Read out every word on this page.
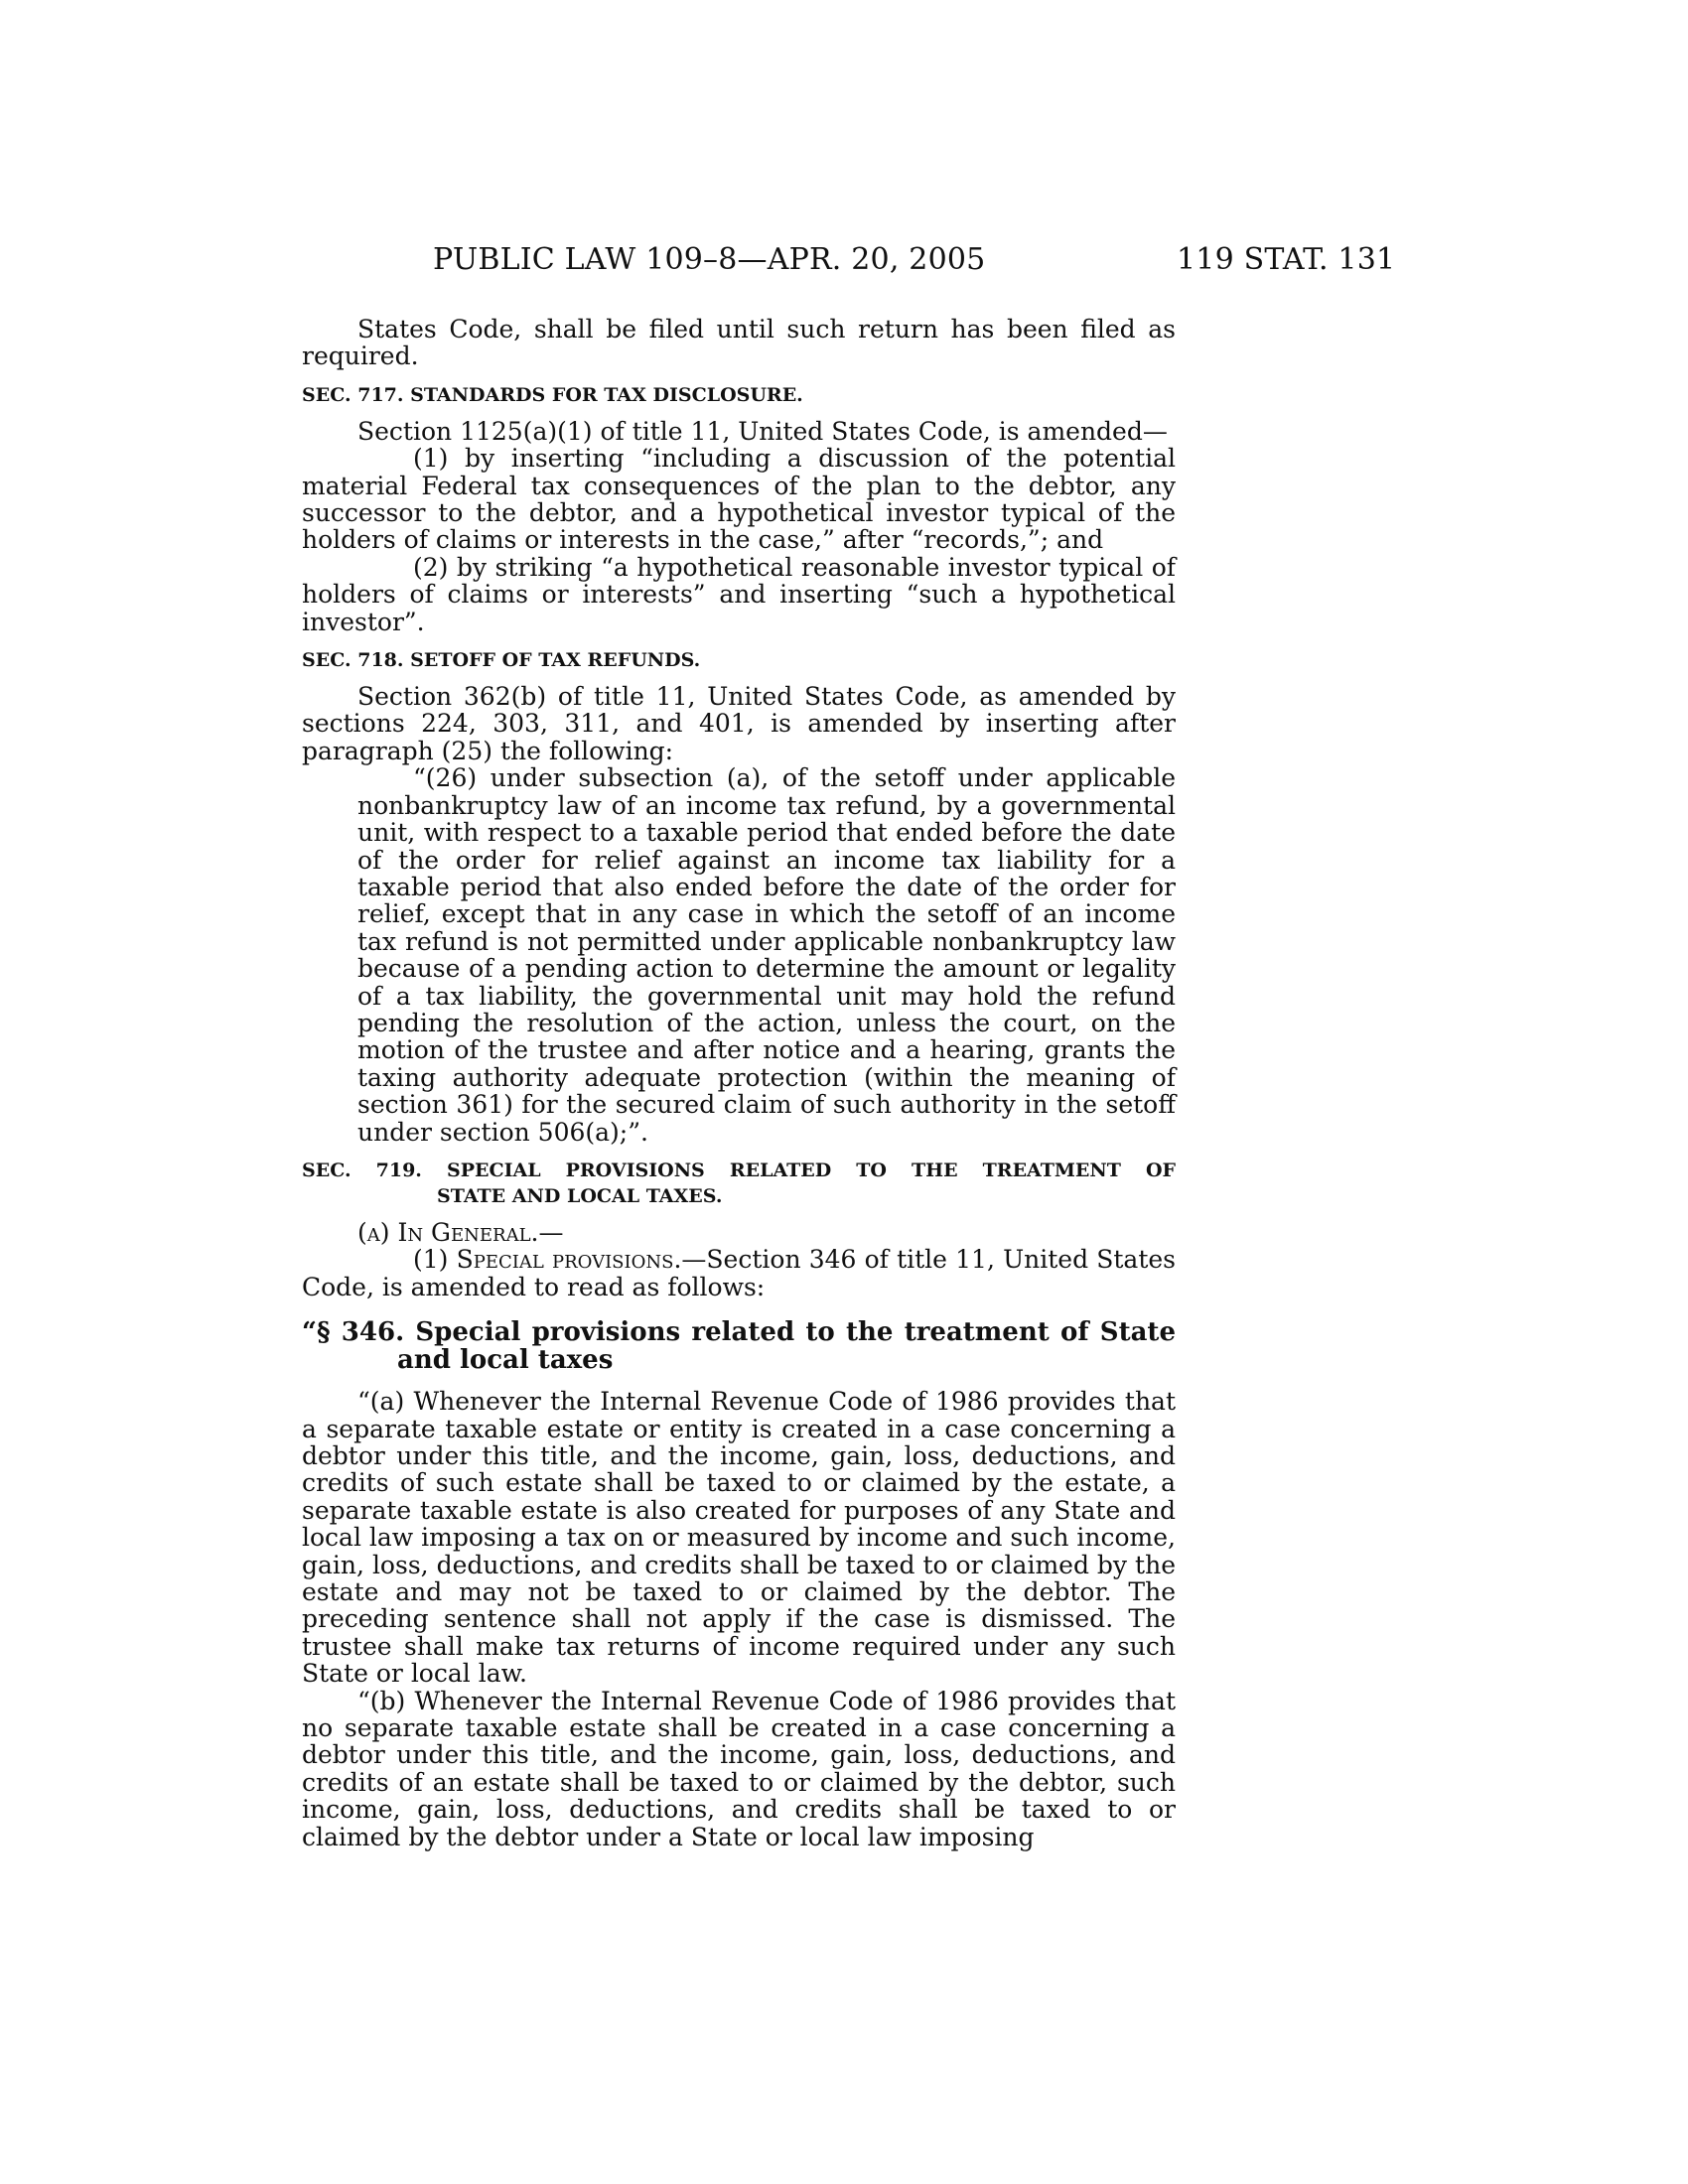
PUBLIC LAW 109–8—APR. 20, 2005	119 STAT. 131

States Code, shall be filed until such return has been filed as required.

SEC. 717. STANDARDS FOR TAX DISCLOSURE.

Section 1125(a)(1) of title 11, United States Code, is amended—

(1) by inserting “including a discussion of the potential material Federal tax consequences of the plan to the debtor, any successor to the debtor, and a hypothetical investor typical of the holders of claims or interests in the case,” after “records,”; and

(2) by striking “a hypothetical reasonable investor typical of holders of claims or interests” and inserting “such a hypothetical investor”.

SEC. 718. SETOFF OF TAX REFUNDS.

Section 362(b) of title 11, United States Code, as amended by sections 224, 303, 311, and 401, is amended by inserting after paragraph (25) the following:

“(26) under subsection (a), of the setoff under applicable nonbankruptcy law of an income tax refund, by a governmental unit, with respect to a taxable period that ended before the date of the order for relief against an income tax liability for a taxable period that also ended before the date of the order for relief, except that in any case in which the setoff of an income tax refund is not permitted under applicable nonbankruptcy law because of a pending action to determine the amount or legality of a tax liability, the governmental unit may hold the refund pending the resolution of the action, unless the court, on the motion of the trustee and after notice and a hearing, grants the taxing authority adequate protection (within the meaning of section 361) for the secured claim of such authority in the setoff under section 506(a);”.

SEC. 719. SPECIAL PROVISIONS RELATED TO THE TREATMENT OF
STATE AND LOCAL TAXES.

(a) In General.—

(1) Special provisions.—Section 346 of title 11, United States Code, is amended to read as follows:

“§ 346. Special provisions related to the treatment of State and local taxes

“(a) Whenever the Internal Revenue Code of 1986 provides that a separate taxable estate or entity is created in a case concerning a debtor under this title, and the income, gain, loss, deductions, and credits of such estate shall be taxed to or claimed by the estate, a separate taxable estate is also created for purposes of any State and local law imposing a tax on or measured by income and such income, gain, loss, deductions, and credits shall be taxed to or claimed by the estate and may not be taxed to or claimed by the debtor. The preceding sentence shall not apply if the case is dismissed. The trustee shall make tax returns of income required under any such State or local law.

“(b) Whenever the Internal Revenue Code of 1986 provides that no separate taxable estate shall be created in a case concerning a debtor under this title, and the income, gain, loss, deductions, and credits of an estate shall be taxed to or claimed by the debtor, such income, gain, loss, deductions, and credits shall be taxed to or claimed by the debtor under a State or local law imposing
